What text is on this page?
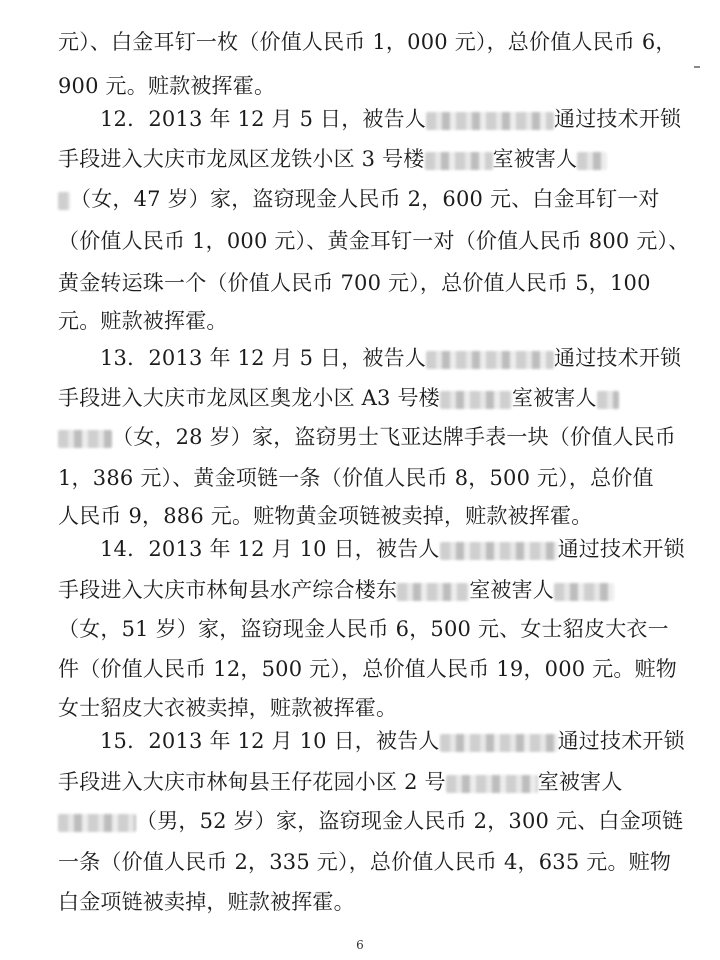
元）、白金耳钉一枚（价值人民币 1，000 元），总价值人民币 6，
900 元。赃款被挥霍。
12．2013 年 12 月 5 日，被告人	通过技术开锁
手段进入大庆市龙凤区龙铁小区 3 号楼	室被害人
（女，47 岁）家，盗窃现金人民币 2，600 元、白金耳钉一对
（价值人民币 1，000 元）、黄金耳钉一对（价值人民币 800 元）、
黄金转运珠一个（价值人民币 700 元），总价值人民币 5，100
元。赃款被挥霍。
13．2013 年 12 月 5 日，被告人	通过技术开锁
手段进入大庆市龙凤区奥龙小区 A3 号楼	室被害人
（女，28 岁）家，盗窃男士飞亚达牌手表一块（价值人民币
1，386 元）、黄金项链一条（价值人民币 8，500 元），总价值
人民币 9，886 元。赃物黄金项链被卖掉，赃款被挥霍。
14．2013 年 12 月 10 日，被告人	通过技术开锁
手段进入大庆市林甸县水产综合楼东	室被害人
（女，51 岁）家，盗窃现金人民币 6，500 元、女士貂皮大衣一
件（价值人民币 12，500 元），总价值人民币 19，000 元。赃物
女士貂皮大衣被卖掉，赃款被挥霍。
15．2013 年 12 月 10 日，被告人	通过技术开锁
手段进入大庆市林甸县王仔花园小区 2 号	室被害人
（男，52 岁）家，盗窃现金人民币 2，300 元、白金项链
一条（价值人民币 2，335 元），总价值人民币 4，635 元。赃物
白金项链被卖掉，赃款被挥霍。
6
